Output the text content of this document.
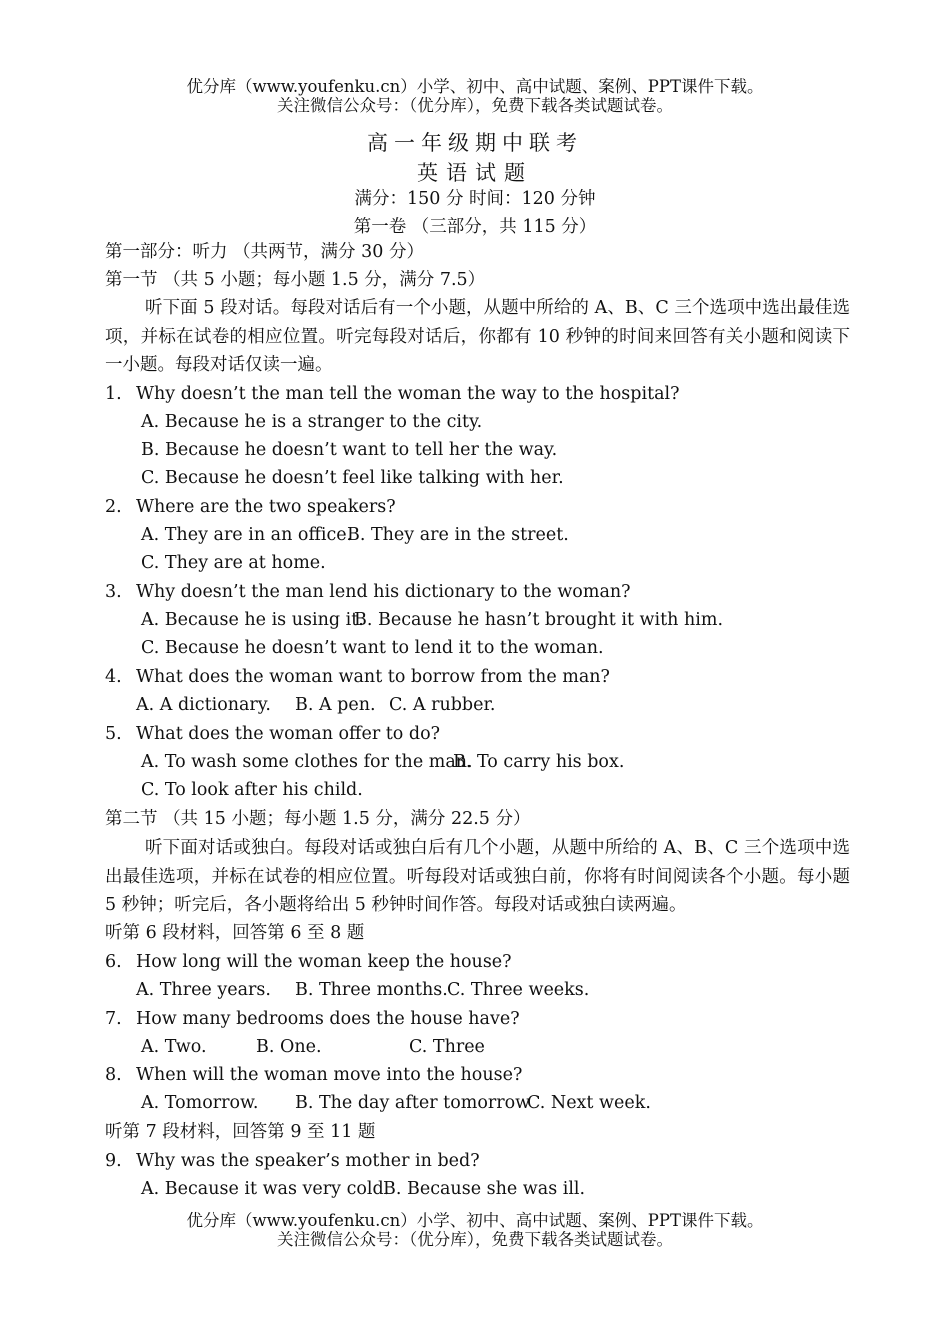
优分库（www.youfenku.cn）小学、初中、高中试题、案例、PPT课件下载。
关注微信公众号：（优分库），免费下载各类试题试卷。
高一年级期中联考
英语试题
满分：150 分 时间：120 分钟
第一卷 （三部分，共 115 分）
第一部分：听力 （共两节，满分 30 分）
第一节 （共 5 小题；每小题 1.5 分，满分 7.5）
听下面 5 段对话。每段对话后有一个小题，从题中所给的 A、B、C 三个选项中选出最佳选项，并标在试卷的相应位置。听完每段对话后，你都有 10 秒钟的时间来回答有关小题和阅读下一小题。每段对话仅读一遍。
1. Why doesn’t the man tell the woman the way to the hospital?
A. Because he is a stranger to the city.
B. Because he doesn’t want to tell her the way.
C. Because he doesn’t feel like talking with her.
2. Where are the two speakers?
A. They are in an office.
B. They are in the street.
C. They are at home.
3. Why doesn’t the man lend his dictionary to the woman?
A. Because he is using it.
B. Because he hasn’t brought it with him.
C. Because he doesn’t want to lend it to the woman.
4. What does the woman want to borrow from the man?
A. A dictionary. B. A pen. C. A rubber.
5. What does the woman offer to do?
A. To wash some clothes for the man.
B. To carry his box.
C. To look after his child.
第二节 （共 15 小题；每小题 1.5 分，满分 22.5 分）
听下面对话或独白。每段对话或独白后有几个小题，从题中所给的 A、B、C 三个选项中选出最佳选项，并标在试卷的相应位置。听每段对话或独白前，你将有时间阅读各个小题。每小题 5 秒钟；听完后，各小题将给出 5 秒钟时间作答。每段对话或独白读两遍。
听第 6 段材料，回答第 6 至 8 题
6. How long will the woman keep the house?
A. Three years. B. Three months. C. Three weeks.
7. How many bedrooms does the house have?
A. Two.	B. One.	C. Three
8. When will the woman move into the house?
A. Tomorrow. B. The day after tomorrow
C. Next week.
听第 7 段材料，回答第 9 至 11 题
9. Why was the speaker’s mother in bed?
A. Because it was very cold.
B. Because she was ill.
优分库（www.youfenku.cn）小学、初中、高中试题、案例、PPT课件下载。
关注微信公众号：（优分库），免费下载各类试题试卷。
